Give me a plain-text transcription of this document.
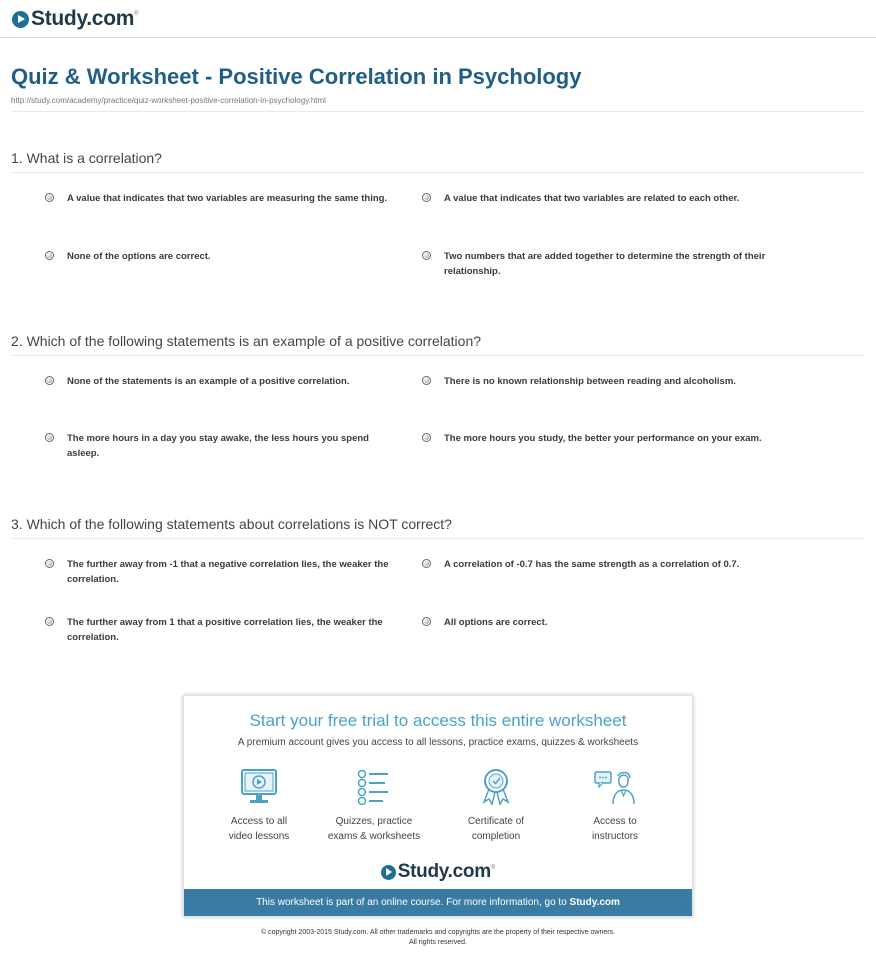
Study.com ®
Quiz & Worksheet - Positive Correlation in Psychology
http://study.com/academy/practice/quiz-worksheet-positive-correlation-in-psychology.html

1. What is a correlation?

A value that indicates that two variables are measuring the same thing.	A value that indicates that two variables are related to each other.
None of the options are correct.	Two numbers that are added together to determine the strength of their relationship.

2. Which of the following statements is an example of a positive correlation?

None of the statements is an example of a positive correlation.	There is no known relationship between reading and alcoholism.
The more hours in a day you stay awake, the less hours you spend asleep.
The more hours you study, the better your performance on your exam.

3. Which of the following statements about correlations is NOT correct?

The further away from -1 that a negative correlation lies, the weaker the correlation.
A correlation of -0.7 has the same strength as a correlation of 0.7.
The further away from 1 that a positive correlation lies, the weaker the correlation.
All options are correct.
Start your free trial to access this entire worksheet
A premium account gives you access to all lessons, practice exams, quizzes & worksheets
Access to all
video lessons
Quizzes, practice
exams & worksheets
Certificate of
completion
Access to
instructors
Study.com ®
This worksheet is part of an online course. For more information, go to Study.com
© copyright 2003-2015 Study.com. All other trademarks and copyrights are the property of their respective owners.
All rights reserved.
